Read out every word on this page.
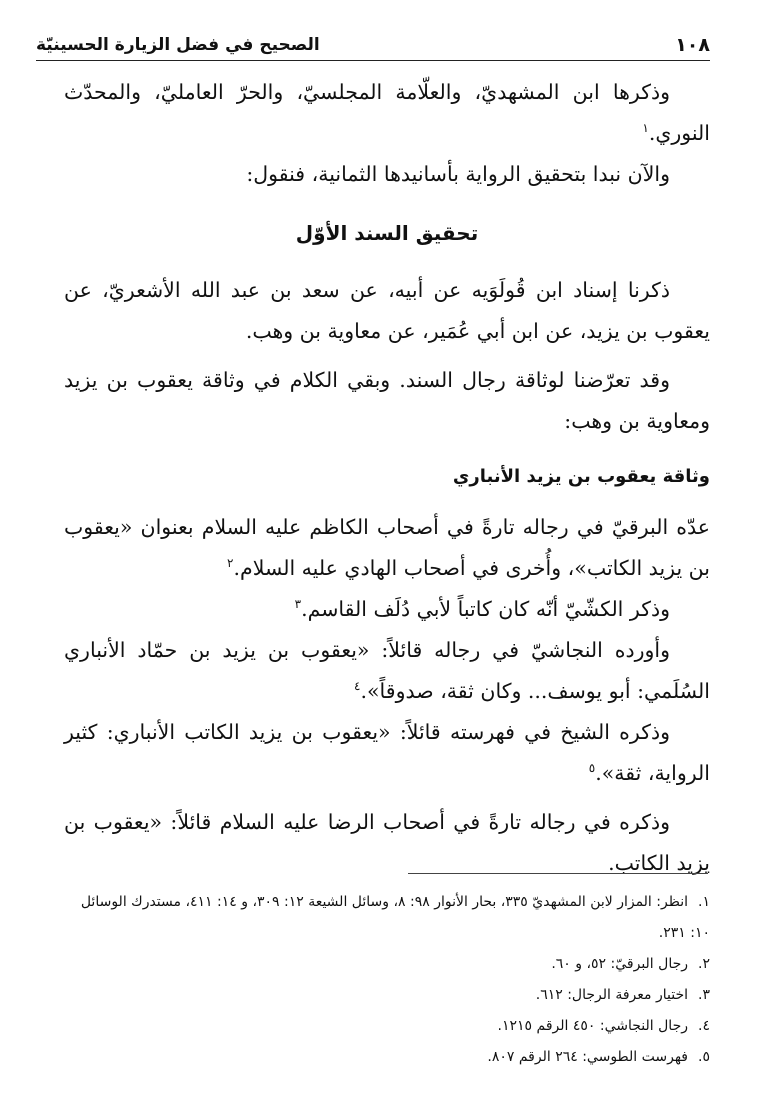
١٠٨
الصحيح في فضل الزيارة الحسينيّة

وذكرها ابن المشهديّ، والعلّامة المجلسيّ، والحرّ العامليّ، والمحدّث النوري.$^١$

والآن نبدا بتحقيق الرواية بأسانيدها الثمانية، فنقول:

تحقيق السند الأوّل

ذكرنا إسناد ابن قُولَوَيه عن أبيه، عن سعد بن عبد الله الأشعريّ، عن يعقوب بن يزيد، عن ابن أبي عُمَير، عن معاوية بن وهب.

وقد تعرّضنا لوثاقة رجال السند. وبقي الكلام في وثاقة يعقوب بن يزيد ومعاوية بن وهب:

وثاقة يعقوب بن يزيد الأنباري

عدّه البرقيّ في رجاله تارةً في أصحاب الكاظم عليه السلام بعنوان «يعقوب بن يزيد الكاتب»، وأُخرى في أصحاب الهادي عليه السلام.$^٢$

وذكر الكشّيّ أنّه كان كاتباً لأبي دُلَف القاسم.$^٣$

وأورده النجاشيّ في رجاله قائلاً: «يعقوب بن يزيد بن حمّاد الأنباري السُلَمي: أبو يوسف... وكان ثقة، صدوقاً».$^٤$

وذكره الشيخ في فهرسته قائلاً: «يعقوب بن يزيد الكاتب الأنباري: كثير الرواية، ثقة».$^٥$

وذكره في رجاله تارةً في أصحاب الرضا عليه السلام قائلاً: «يعقوب بن يزيد الكاتب.

١.انظر: المزار لابن المشهديّ ٣٣٥، بحار الأنوار ٩٨: ٨، وسائل الشيعة ١٢: ٣٠٩، و ١٤: ٤١١، مستدرك الوسائل ١٠: ٢٣١.

٢.رجال البرقيّ: ٥٢، و ٦٠.

٣.اختيار معرفة الرجال: ٦١٢.

٤.رجال النجاشي: ٤٥٠ الرقم ١٢١٥.

٥.فهرست الطوسي: ٢٦٤ الرقم ٨٠٧.
